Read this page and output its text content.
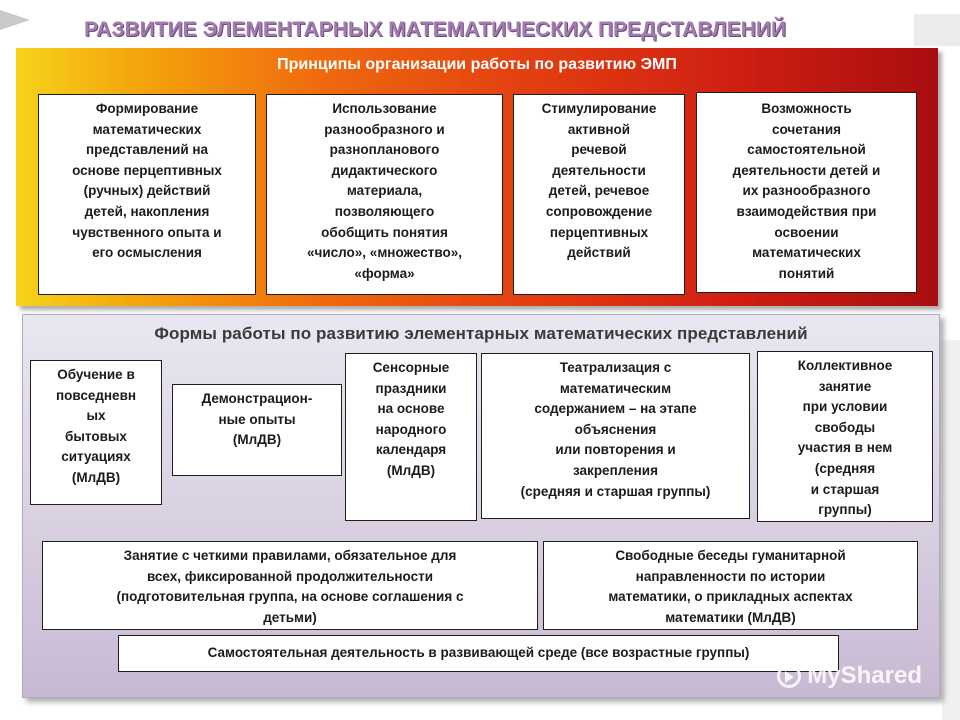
РАЗВИТИЕ ЭЛЕМЕНТАРНЫХ МАТЕМАТИЧЕСКИХ ПРЕДСТАВЛЕНИЙ
Принципы организации работы по развитию ЭМП
Формирование
математических
представлений на
основe перцептивных
(ручных) действий
детей, накопления
чувственного опыта и
его осмысления
Использование
разнообразного и
разнопланового
дидактического
материала,
позволяющего
обобщить понятия
«число», «множество»,
«форма»
Стимулирование
активной
речевой
деятельности
детей, речевое
сопровождение
перцептивных
действий
Возможность
сочетания
самостоятельной
деятельности детей и
их разнообразного
взаимодействия при
освоении
математических
понятий
Формы работы по развитию элементарных математических представлений
Обучение в
повседневн
ых
бытовых
ситуациях
(МлДВ)
Демонстрацион-
ные опыты
(МлДВ)
Сенсорные
праздники
на основе
народного
календаря
(МлДВ)
Театрализация с
математическим
содержанием – на этапе
объяснения
или повторения и
закрепления
(средняя и старшая группы)
Коллективное
занятие
при условии
свободы
участия в нем
(средняя
и старшая
группы)
Занятие с четкими правилами, обязательное для
всех, фиксированной продолжительности
(подготовительная группа, на основе соглашения с
детьми)
Свободные беседы гуманитарной
направленности по истории
математики, о прикладных аспектах
математики (МлДВ)
Самостоятельная деятельность в развивающей среде (все возрастные группы)
MyShared
